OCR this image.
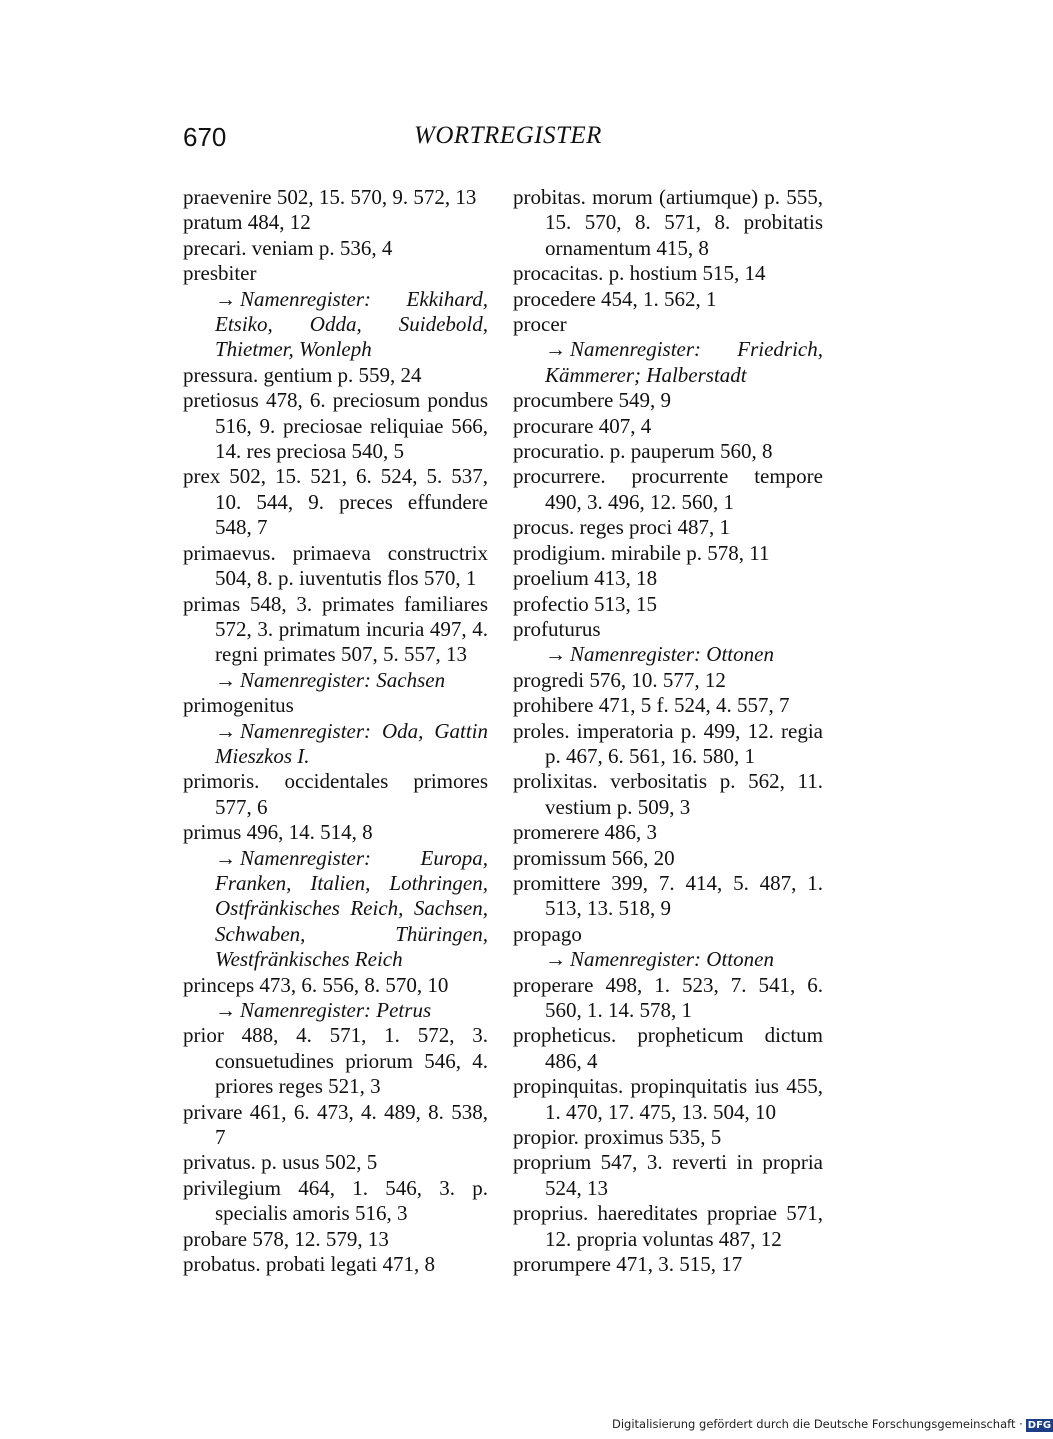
670	WORTREGISTER
praevenire 502, 15. 570, 9. 572, 13
pratum 484, 12
precari. veniam p. 536, 4
presbiter
→ Namenregister: Ekkihard, Etsiko, Odda, Suidebold, Thietmer, Wonleph
pressura. gentium p. 559, 24
pretiosus 478, 6. preciosum pondus 516, 9. preciosae reliquiae 566, 14. res preciosa 540, 5
prex 502, 15. 521, 6. 524, 5. 537, 10. 544, 9. preces effundere 548, 7
primaevus. primaeva constructrix 504, 8. p. iuventutis flos 570, 1
primas 548, 3. primates familiares 572, 3. primatum incuria 497, 4. regni primates 507, 5. 557, 13
→ Namenregister: Sachsen
primogenitus
→ Namenregister: Oda, Gattin Mieszkos I.
primoris. occidentales primores 577, 6
primus 496, 14. 514, 8
→ Namenregister: Europa, Franken, Italien, Lothringen, Ostfränkisches Reich, Sachsen, Schwaben, Thüringen, Westfränkisches Reich
princeps 473, 6. 556, 8. 570, 10
→ Namenregister: Petrus
prior 488, 4. 571, 1. 572, 3. consuetudines priorum 546, 4. priores reges 521, 3
privare 461, 6. 473, 4. 489, 8. 538, 7
privatus. p. usus 502, 5
privilegium 464, 1. 546, 3. p. specialis amoris 516, 3
probare 578, 12. 579, 13
probatus. probati legati 471, 8
probitas. morum (artiumque) p. 555, 15. 570, 8. 571, 8. probitatis ornamentum 415, 8
procacitas. p. hostium 515, 14
procedere 454, 1. 562, 1
procer
→ Namenregister: Friedrich, Kämmerer; Halberstadt
procumbere 549, 9
procurare 407, 4
procuratio. p. pauperum 560, 8
procurrere. procurrente tempore 490, 3. 496, 12. 560, 1
procus. reges proci 487, 1
prodigium. mirabile p. 578, 11
proelium 413, 18
profectio 513, 15
profuturus
→ Namenregister: Ottonen
progredi 576, 10. 577, 12
prohibere 471, 5 f. 524, 4. 557, 7
proles. imperatoria p. 499, 12. regia p. 467, 6. 561, 16. 580, 1
prolixitas. verbositatis p. 562, 11. vestium p. 509, 3
promerere 486, 3
promissum 566, 20
promittere 399, 7. 414, 5. 487, 1. 513, 13. 518, 9
propago
→ Namenregister: Ottonen
properare 498, 1. 523, 7. 541, 6. 560, 1. 14. 578, 1
propheticus. propheticum dictum 486, 4
propinquitas. propinquitatis ius 455, 1. 470, 17. 475, 13. 504, 10
propior. proximus 535, 5
proprium 547, 3. reverti in propria 524, 13
proprius. haereditates propriae 571, 12. propria voluntas 487, 12
prorumpere 471, 3. 515, 17
Digitalisierung gefördert durch die Deutsche Forschungsgemeinschaft · DFG
